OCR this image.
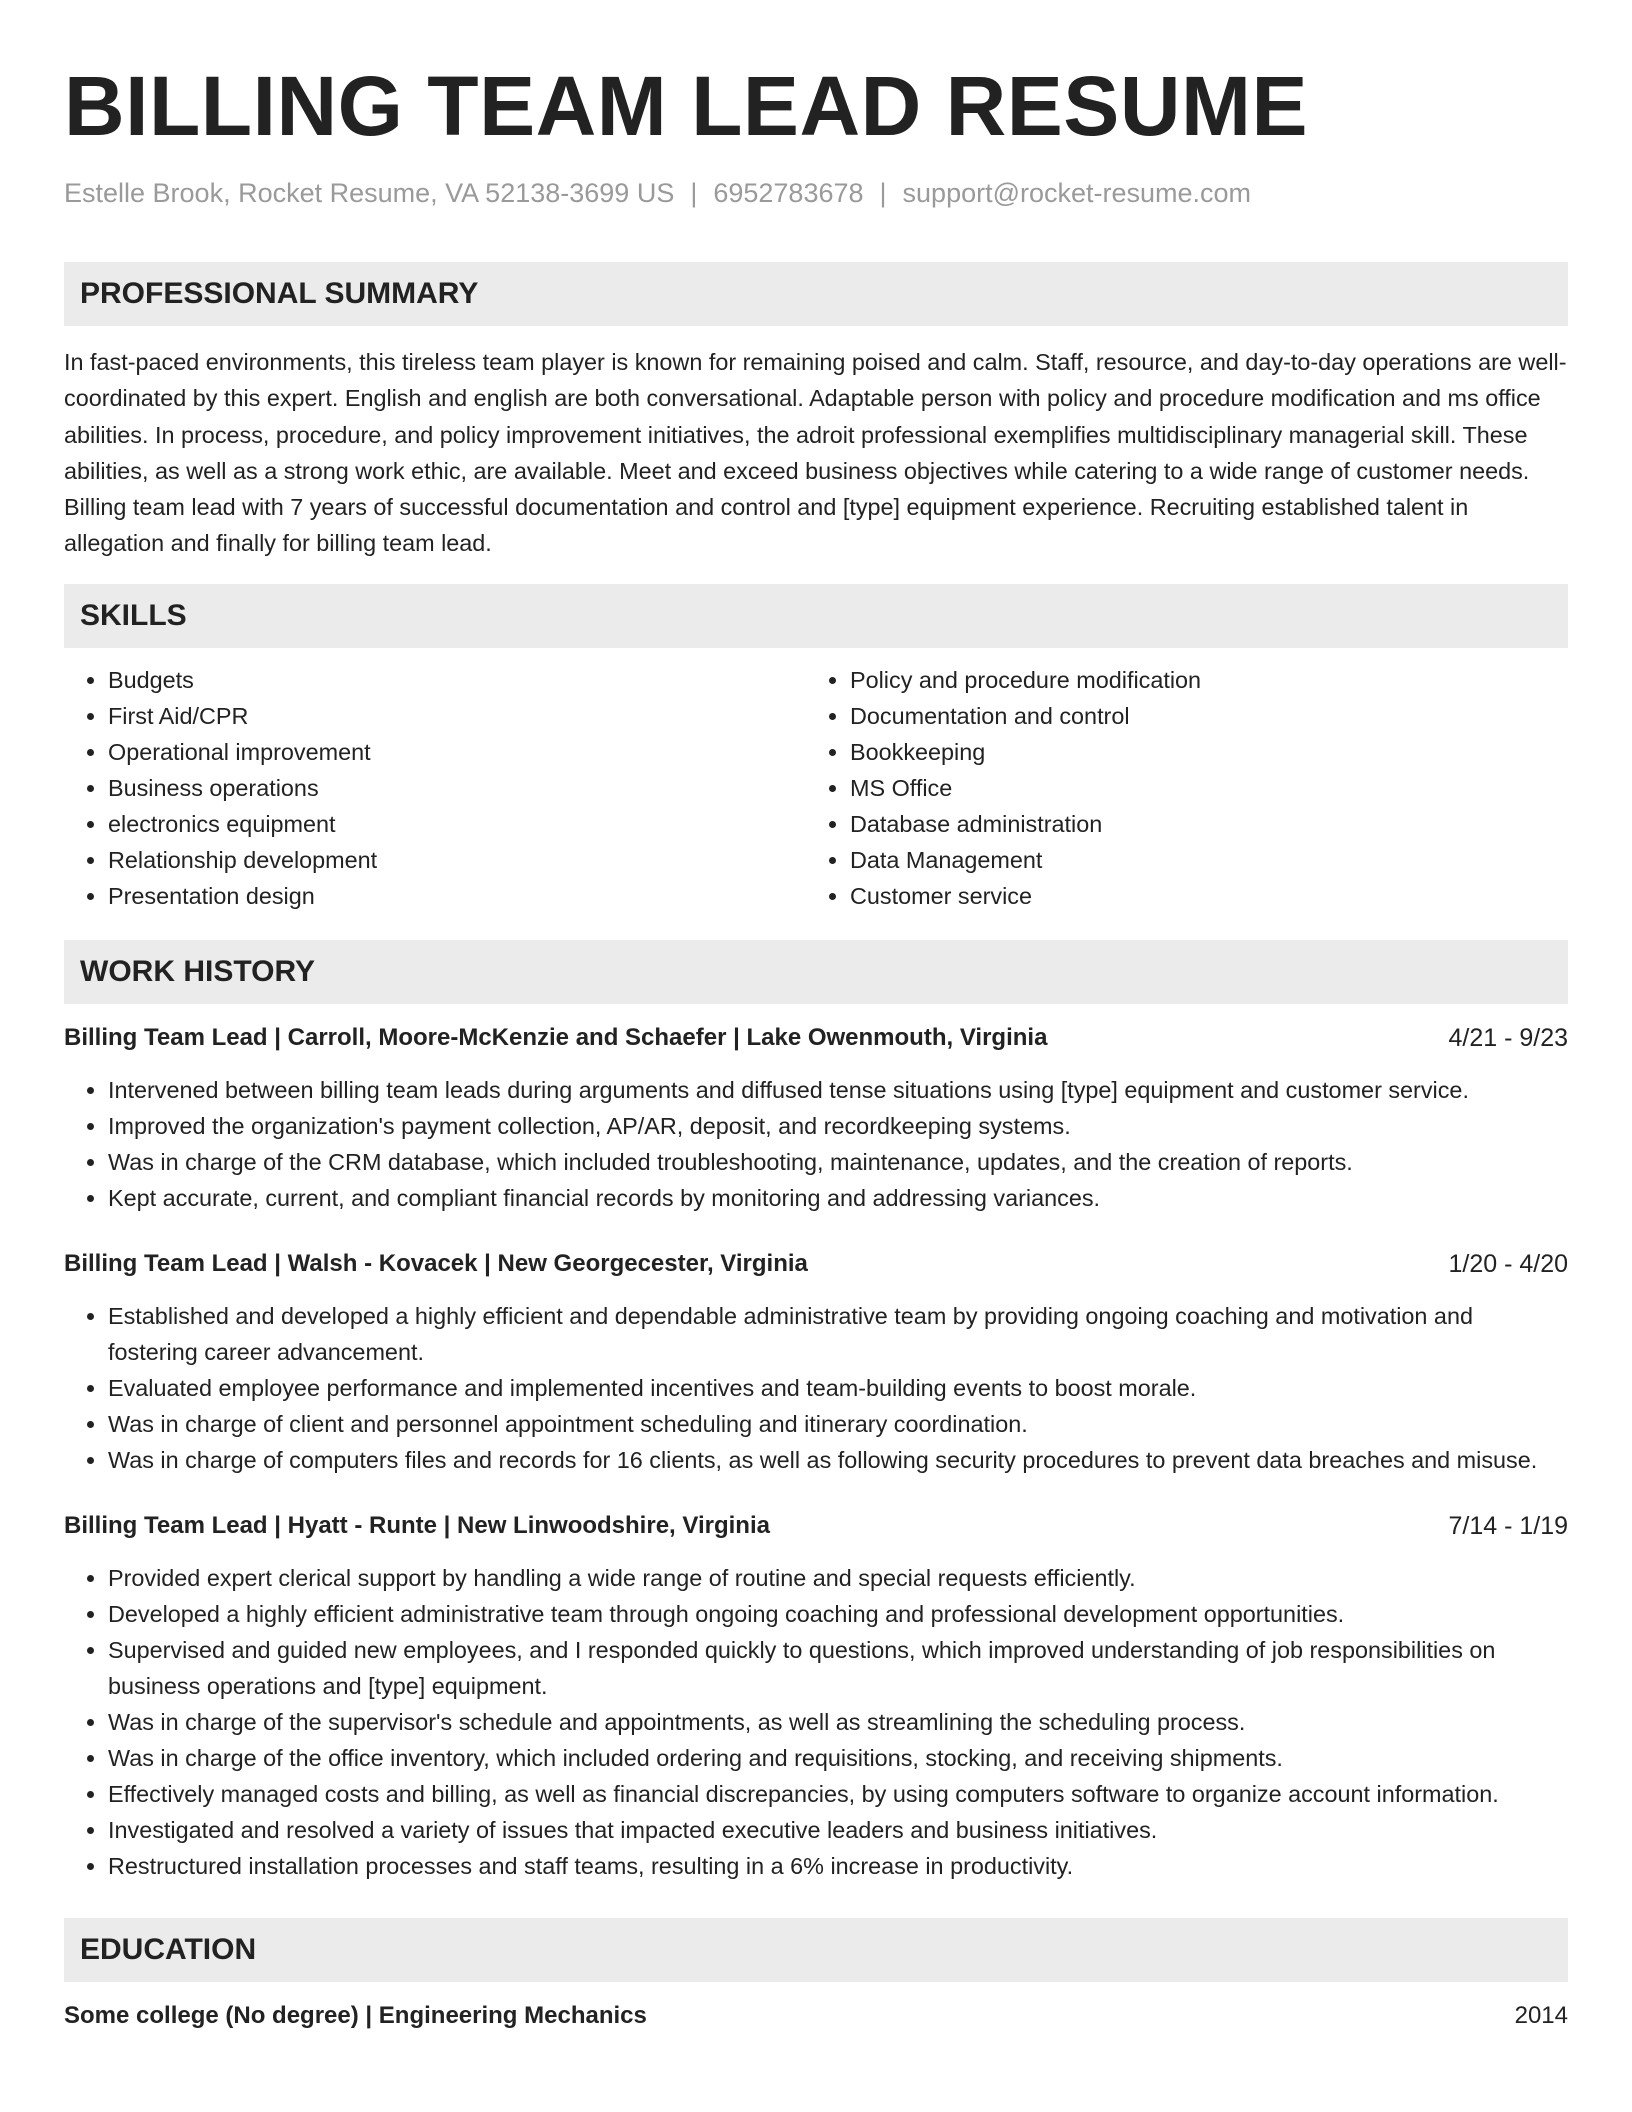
BILLING TEAM LEAD RESUME
Estelle Brook, Rocket Resume, VA 52138-3699 US | 6952783678 | support@rocket-resume.com
PROFESSIONAL SUMMARY

In fast-paced environments, this tireless team player is known for remaining poised and calm. Staff, resource, and day-to-day operations are well-coordinated by this expert. English and english are both conversational. Adaptable person with policy and procedure modification and ms office abilities. In process, procedure, and policy improvement initiatives, the adroit professional exemplifies multidisciplinary managerial skill. These abilities, as well as a strong work ethic, are available. Meet and exceed business objectives while catering to a wide range of customer needs. Billing team lead with 7 years of successful documentation and control and [type] equipment experience. Recruiting established talent in allegation and finally for billing team lead.

SKILLS
• Budgets
• First Aid/CPR
• Operational improvement
• Business operations
• electronics equipment
• Relationship development
• Presentation design
• Policy and procedure modification
• Documentation and control
• Bookkeeping
• MS Office
• Database administration
• Data Management
• Customer service
WORK HISTORY
Billing Team Lead | Carroll, Moore-McKenzie and Schaefer | Lake Owenmouth, Virginia	4/21 - 9/23
• Intervened between billing team leads during arguments and diffused tense situations using [type] equipment and customer service.
• Improved the organization's payment collection, AP/AR, deposit, and recordkeeping systems.
• Was in charge of the CRM database, which included troubleshooting, maintenance, updates, and the creation of reports.
• Kept accurate, current, and compliant financial records by monitoring and addressing variances.
Billing Team Lead | Walsh - Kovacek | New Georgecester, Virginia	1/20 - 4/20
• Established and developed a highly efficient and dependable administrative team by providing ongoing coaching and motivation and fostering career advancement.
• Evaluated employee performance and implemented incentives and team-building events to boost morale.
• Was in charge of client and personnel appointment scheduling and itinerary coordination.
• Was in charge of computers files and records for 16 clients, as well as following security procedures to prevent data breaches and misuse.
Billing Team Lead | Hyatt - Runte | New Linwoodshire, Virginia	7/14 - 1/19
• Provided expert clerical support by handling a wide range of routine and special requests efficiently.
• Developed a highly efficient administrative team through ongoing coaching and professional development opportunities.
• Supervised and guided new employees, and I responded quickly to questions, which improved understanding of job responsibilities on business operations and [type] equipment.
• Was in charge of the supervisor's schedule and appointments, as well as streamlining the scheduling process.
• Was in charge of the office inventory, which included ordering and requisitions, stocking, and receiving shipments.
• Effectively managed costs and billing, as well as financial discrepancies, by using computers software to organize account information.
• Investigated and resolved a variety of issues that impacted executive leaders and business initiatives.
• Restructured installation processes and staff teams, resulting in a 6% increase in productivity.
EDUCATION
Some college (No degree) | Engineering Mechanics	2014
